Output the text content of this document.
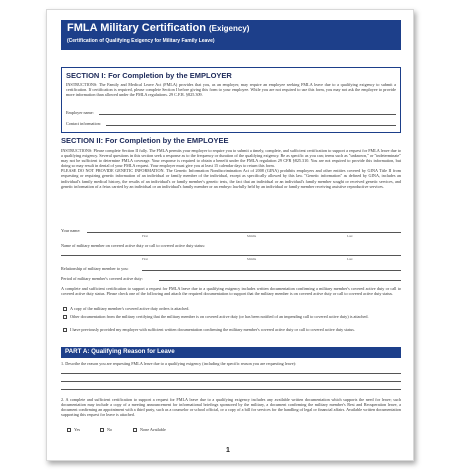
FMLA Military Certification (Exigency)
(Certification of Qualifying Exigency for Military Family Leave)
SECTION I: For Completion by the EMPLOYER
INSTRUCTIONS: The Family and Medical Leave Act (FMLA) provides that you, as an employer, may require an employee seeking FMLA leave due to a qualifying exigency to submit a certification. If certification is required, please complete Section I before giving this form to your employee. While you are not required to use this form, you may not ask the employee to provide more information than allowed under the FMLA regulations. 29 C.F.R. §825.309.
Employer name:
Contact information:
SECTION II: For Completion by the EMPLOYEE
INSTRUCTIONS: Please complete Section II fully. The FMLA permits your employer to require you to submit a timely, complete, and sufficient certification to support a request for FMLA leave due to a qualifying exigency. Several questions in this section seek a response as to the frequency or duration of the qualifying exigency. Be as specific as you can; terms such as "unknown," or "indeterminate" may not be sufficient to determine FMLA coverage. Your response is required to obtain a benefit under the FMLA regulation 29 CFR §825.310. You are not required to provide this information, but doing so may result in denial of your FMLA request. Your employer must give you at least 15 calendar days to return this form.
PLEASE DO NOT PROVIDE GENETIC INFORMATION. The Genetic Information Nondiscrimination Act of 2008 (GINA) prohibits employers and other entities covered by GINA Title II from requesting or requiring genetic information of an individual or family member of the individual, except as specifically allowed by this law. "Genetic information" as defined by GINA, includes an individual's family medical history, the results of an individual's or family member's genetic tests, the fact that an individual or an individual's family member sought or received genetic services, and genetic information of a fetus carried by an individual or an individual's family member or an embryo lawfully held by an individual or family member receiving assistive reproductive services.
Your name:
First	Middle	Last
Name of military member on covered active duty or call to covered active duty status:
First	Middle	Last
Relationship of military member to you:
Period of military member's covered active duty:
A complete and sufficient certification to support a request for FMLA leave due to a qualifying exigency includes written documentation confirming a military member's covered active duty or call to covered active duty status. Please check one of the following and attach the required documentation to support that the military member is on covered active duty or call to covered active duty status.
A copy of the military member's covered active duty orders is attached.
Other documentation from the military certifying that the military member is on covered active duty (or has been notified of an impending call to covered active duty) is attached.
I have previously provided my employer with sufficient written documentation confirming the military member's covered active duty or call to covered active duty status.
PART A: Qualifying Reason for Leave
1. Describe the reason you are requesting FMLA leave due to a qualifying exigency (including the specific reason you are requesting leave):
2. A complete and sufficient certification to support a request for FMLA leave due to a qualifying exigency includes any available written documentation which supports the need for leave; such documentation may include a copy of a meeting announcement for informational briefings sponsored by the military, a document confirming the military member's Rest and Recuperation leave, a document confirming an appointment with a third party, such as a counselor or school official, or a copy of a bill for services for the handling of legal or financial affairs. Available written documentation supporting this request for leave is attached.
Yes	No	None Available
1
